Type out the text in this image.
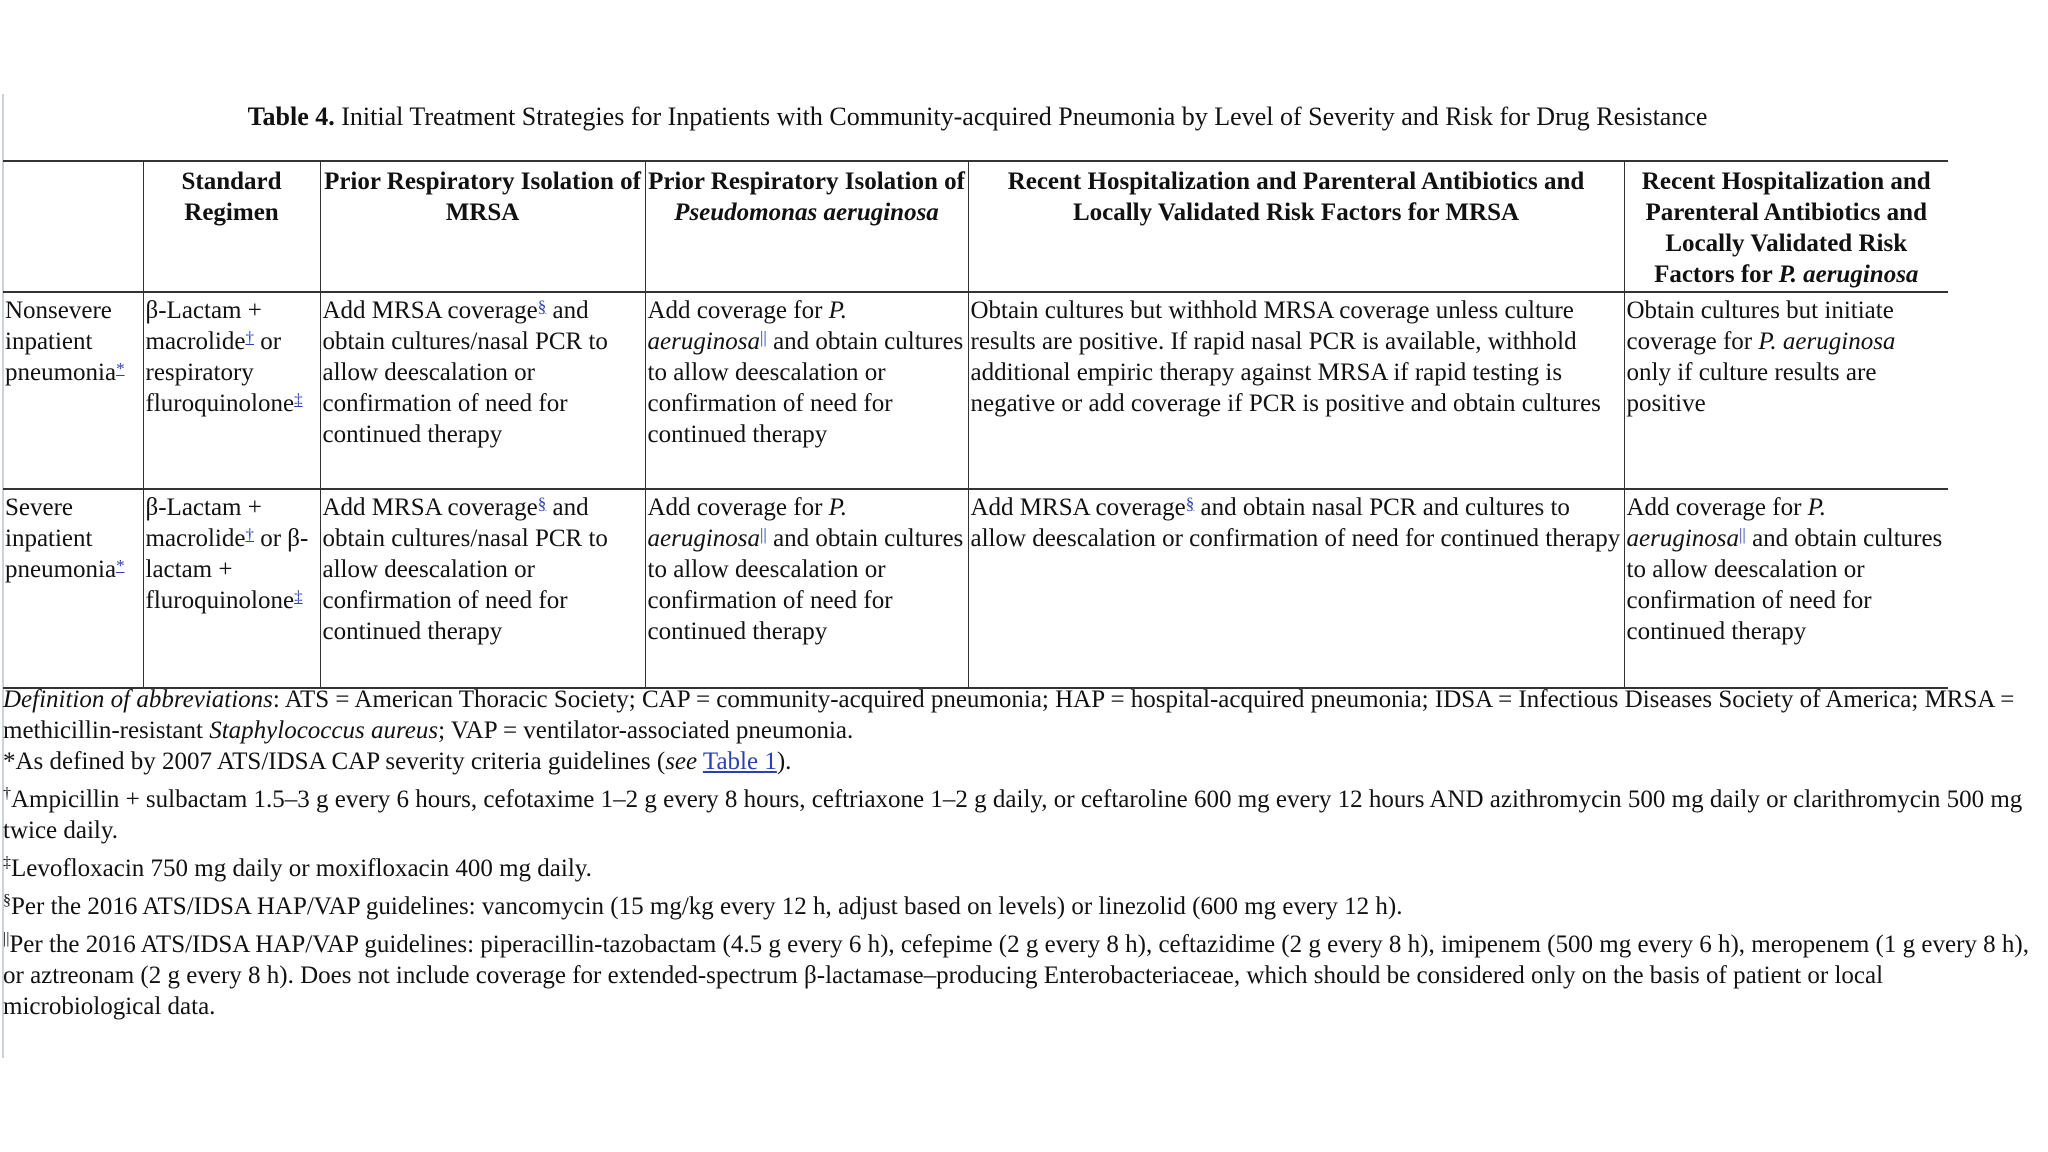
Table 4. Initial Treatment Strategies for Inpatients with Community-acquired Pneumonia by Level of Severity and Risk for Drug Resistance
	Standard Regimen	Prior Respiratory Isolation of MRSA	Prior Respiratory Isolation of Pseudomonas aeruginosa	Recent Hospitalization and Parenteral Antibiotics and Locally Validated Risk Factors for MRSA	Recent Hospitalization and Parenteral Antibiotics and Locally Validated Risk Factors for P. aeruginosa
Nonsevere inpatient pneumonia*	β-Lactam + macrolide† or respiratory fluroquinolone‡	Add MRSA coverage§ and obtain cultures/nasal PCR to allow deescalation or confirmation of need for continued therapy	Add coverage for P. aeruginosa|| and obtain cultures to allow deescalation or confirmation of need for continued therapy	Obtain cultures but withhold MRSA coverage unless culture results are positive. If rapid nasal PCR is available, withhold additional empiric therapy against MRSA if rapid testing is negative or add coverage if PCR is positive and obtain cultures	Obtain cultures but initiate coverage for P. aeruginosa only if culture results are positive
Severe inpatient pneumonia*	β-Lactam + macrolide† or β-lactam + fluroquinolone‡	Add MRSA coverage§ and obtain cultures/nasal PCR to allow deescalation or confirmation of need for continued therapy	Add coverage for P. aeruginosa|| and obtain cultures to allow deescalation or confirmation of need for continued therapy	Add MRSA coverage§ and obtain nasal PCR and cultures to allow deescalation or confirmation of need for continued therapy	Add coverage for P. aeruginosa|| and obtain cultures to allow deescalation or confirmation of need for continued therapy

Definition of abbreviations: ATS = American Thoracic Society; CAP = community-acquired pneumonia; HAP = hospital-acquired pneumonia; IDSA = Infectious Diseases Society of America; MRSA = methicillin-resistant Staphylococcus aureus; VAP = ventilator-associated pneumonia.

*As defined by 2007 ATS/IDSA CAP severity criteria guidelines (see Table 1).

†Ampicillin + sulbactam 1.5–3 g every 6 hours, cefotaxime 1–2 g every 8 hours, ceftriaxone 1–2 g daily, or ceftaroline 600 mg every 12 hours AND azithromycin 500 mg daily or clarithromycin 500 mg twice daily.

‡Levofloxacin 750 mg daily or moxifloxacin 400 mg daily.

§Per the 2016 ATS/IDSA HAP/VAP guidelines: vancomycin (15 mg/kg every 12 h, adjust based on levels) or linezolid (600 mg every 12 h).

||Per the 2016 ATS/IDSA HAP/VAP guidelines: piperacillin-tazobactam (4.5 g every 6 h), cefepime (2 g every 8 h), ceftazidime (2 g every 8 h), imipenem (500 mg every 6 h), meropenem (1 g every 8 h), or aztreonam (2 g every 8 h). Does not include coverage for extended-spectrum β-lactamase–producing Enterobacteriaceae, which should be considered only on the basis of patient or local microbiological data.
